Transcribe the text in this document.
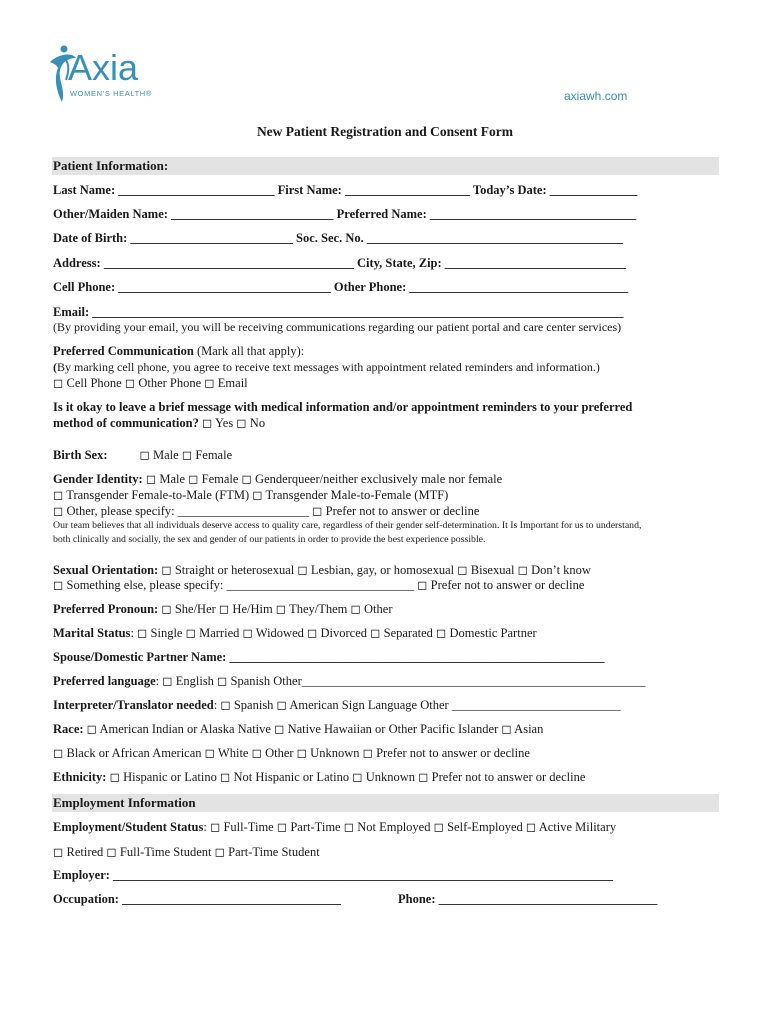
Axia
WOMEN’S HEALTH®	axiawh.com
New Patient Registration and Consent Form
Patient Information:
Last Name: _________________________ First Name: ____________________ Today’s Date: ______________
Other/Maiden Name: __________________________ Preferred Name: _________________________________
Date of Birth: __________________________ Soc. Sec. No. _________________________________________
Address: ________________________________________ City, State, Zip: _____________________________
Cell Phone: __________________________________ Other Phone: ___________________________________
Email: _____________________________________________________________________________________
(By providing your email, you will be receiving communications regarding our patient portal and care center services)
Preferred Communication (Mark all that apply):
(By marking cell phone, you agree to receive text messages with appointment related reminders and information.)
◻ Cell Phone ◻ Other Phone ◻ Email
Is it okay to leave a brief message with medical information and/or appointment reminders to your preferred
method of communication? ◻ Yes ◻ No
Birth Sex:	◻ Male ◻ Female
Gender Identity: ◻ Male ◻ Female ◻ Genderqueer/neither exclusively male nor female
◻ Transgender Female-to-Male (FTM) ◻ Transgender Male-to-Female (MTF)
◻ Other, please specify: _____________________ ◻ Prefer not to answer or decline
Our team believes that all individuals deserve access to quality care, regardless of their gender self-determination. It Is Important for us to understand,
both clinically and socially, the sex and gender of our patients in order to provide the best experience possible.
Sexual Orientation: ◻ Straight or heterosexual ◻ Lesbian, gay, or homosexual ◻ Bisexual ◻ Don’t know
◻ Something else, please specify: ______________________________ ◻ Prefer not to answer or decline
Preferred Pronoun: ◻ She/Her ◻ He/Him ◻ They/Them ◻ Other
Marital Status: ◻ Single ◻ Married ◻ Widowed ◻ Divorced ◻ Separated ◻ Domestic Partner
Spouse/Domestic Partner Name: ____________________________________________________________
Preferred language: ◻ English ◻ Spanish Other_______________________________________________________
Interpreter/Translator needed: ◻ Spanish ◻ American Sign Language Other ___________________________
Race: ◻ American Indian or Alaska Native ◻ Native Hawaiian or Other Pacific Islander ◻ Asian
◻ Black or African American ◻ White ◻ Other ◻ Unknown ◻ Prefer not to answer or decline
Ethnicity: ◻ Hispanic or Latino ◻ Not Hispanic or Latino ◻ Unknown ◻ Prefer not to answer or decline
Employment Information
Employment/Student Status: ◻ Full-Time ◻ Part-Time ◻ Not Employed ◻ Self-Employed ◻ Active Military
◻ Retired ◻ Full-Time Student ◻ Part-Time Student
Employer: ________________________________________________________________________________
Occupation: ___________________________________	Phone: ___________________________________
